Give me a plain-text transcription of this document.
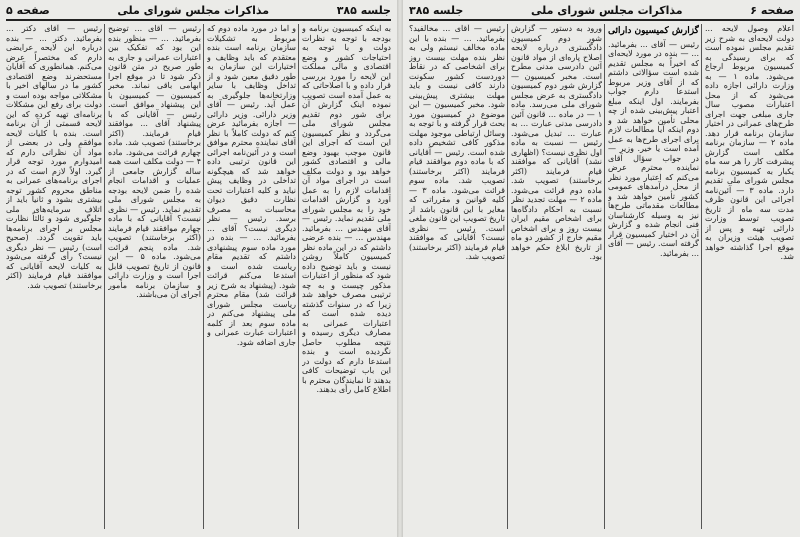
جلسه ۳۸۵
مذاکرات مجلس شورای ملی
صفحه ۵

به اینکه کمیسیون برنامه و بودجه با توجه به نظرات دولت و با توجه به احتیاجات کشور و وضع اقتصادی و مالی مملکت این لایحه را مورد بررسی قرار داده و با اصلاحاتی که به عمل آمده است تصویب نموده اینک گزارش آن برای شور دوم تقدیم مجلس شورای ملی می‌گردد و نظر کمیسیون این است که اجرای این قانون موجب بهبود وضع مالی و اقتصادی کشور خواهد بود و دولت مکلف است در اجرای مواد آن اقدامات لازم را به عمل آورد و گزارش اقدامات خود را به مجلس شورای ملی تقدیم نماید. رئیس — آقای مهندس ... بفرمائید. مهندس ... — بنده عرضی داشتم که در این ماده نظر کمیسیون کاملاً روشن نیست و باید توضیح داده شود که منظور از اعتبارات مذکور چیست و به چه ترتیبی مصرف خواهد شد زیرا که در سنوات گذشته دیده شده است که اعتبارات عمرانی به مصارف دیگری رسیده و نتیجه مطلوب حاصل نگردیده است و بنده استدعا دارم که دولت در این باب توضیحات کافی بدهند تا نمایندگان محترم با اطلاع کامل رأی بدهند.

و اما در مورد ماده دوم که مربوط به تشکیلات سازمان برنامه است بنده معتقدم که باید وظایف و اختیارات این سازمان به طور دقیق معین شود و از تداخل وظایف با سایر وزارتخانه‌ها جلوگیری به عمل آید. رئیس — آقای وزیر دارائی. وزیر دارائی — اجازه بفرمائید عرض کنم که دولت کاملاً با نظر آقای نماینده محترم موافق است و در آئین‌نامه اجرائی این قانون ترتیبی داده خواهد شد که هیچگونه تداخلی در وظایف پیش نیاید و کلیه اعتبارات تحت نظارت دقیق دیوان محاسبات به مصرف برسد. رئیس — نظر دیگری نیست؟ آقای ... بفرمائید. ... — بنده در مورد ماده سوم پیشنهادی داشتم که تقدیم مقام ریاست شده است و استدعا می‌کنم قرائت شود. (پیشنهاد به شرح زیر قرائت شد) مقام محترم ریاست مجلس شورای ملی پیشنهاد می‌کنم در ماده سوم بعد از کلمه اعتبارات عبارت عمرانی و جاری اضافه شود.

رئیس — آقای ... توضیح بفرمائید. ... — منظور بنده این بود که تفکیک بین اعتبارات عمرانی و جاری به طور صریح در متن قانون ذکر شود تا در موقع اجرا ابهامی باقی نماند. مخبر کمیسیون — کمیسیون با این پیشنهاد موافق است. رئیس — آقایانی که با پیشنهاد آقای ... موافقند قیام فرمایند. (اکثر برخاستند) تصویب شد. ماده چهارم قرائت می‌شود. ماده ۴ — دولت مکلف است همه ساله گزارش جامعی از عملیات و اقدامات انجام شده را ضمن لایحه بودجه به مجلس شورای ملی تقدیم نماید. رئیس — نظری نیست؟ آقایانی که با ماده چهارم موافقند قیام فرمایند (اکثر برخاستند) تصویب شد. ماده پنجم قرائت می‌شود. ماده ۵ — این قانون از تاریخ تصویب قابل اجرا است و وزارت دارائی و سازمان برنامه مأمور اجرای آن می‌باشند.

رئیس — آقای دکتر ... بفرمائید. دکتر ... — بنده درباره این لایحه عرایضی دارم که مختصراً عرض می‌کنم. همانطوری که آقایان مستحضرند وضع اقتصادی کشور ما در سالهای اخیر با مشکلاتی مواجه بوده است و دولت برای رفع این مشکلات برنامه‌ای تهیه کرده که این لایحه قسمتی از آن برنامه است. بنده با کلیات لایحه موافقم ولی در بعضی از مواد آن نظراتی دارم که امیدوارم مورد توجه قرار گیرد. اولاً لازم است که در اجرای برنامه‌های عمرانی به مناطق محروم کشور توجه بیشتری بشود و ثانیاً باید از اتلاف سرمایه‌های ملی جلوگیری شود و ثالثاً نظارت مجلس بر اجرای برنامه‌ها باید تقویت گردد. (صحیح است) رئیس — نظر دیگری نیست؟ رأی گرفته می‌شود به کلیات لایحه آقایانی که موافقند قیام فرمایند (اکثر برخاستند) تصویب شد.

صفحه ۶
مذاکرات مجلس شورای ملی
جلسه ۳۸۵

اعلام وصول لایحه ... دولت لایحه‌ای به شرح زیر تقدیم مجلس نموده است که برای رسیدگی به کمیسیون مربوط ارجاع می‌شود. ماده ۱ — به وزارت دارائی اجازه داده می‌شود که از محل اعتبارات مصوب سال جاری مبلغی جهت اجرای طرح‌های عمرانی در اختیار سازمان برنامه قرار دهد. ماده ۲ — سازمان برنامه مکلف است گزارش پیشرفت کار را هر سه ماه یکبار به کمیسیون برنامه مجلس شورای ملی تقدیم دارد. ماده ۳ — آئین‌نامه اجرائی این قانون ظرف مدت سه ماه از تاریخ تصویب توسط وزارت دارائی تهیه و پس از تصویب هیئت وزیران به موقع اجرا گذاشته خواهد شد.

گزارش کمیسیون دارائی

رئیس — آقای ... بفرمائید. ... — بنده در مورد لایحه‌ای که اخیراً به مجلس تقدیم شده است سؤالاتی داشتم که از آقای وزیر مربوط استدعا دارم جواب بفرمایند. اول اینکه مبلغ اعتبار پیش‌بینی شده از چه محلی تأمین خواهد شد و دوم اینکه آیا مطالعات لازم برای اجرای طرح‌ها به عمل آمده است یا خیر. وزیر — در جواب سؤال آقای نماینده محترم عرض می‌کنم که اعتبار مورد نظر از محل درآمدهای عمومی کشور تأمین خواهد شد و مطالعات مقدماتی طرح‌ها نیز به وسیله کارشناسان فنی انجام شده و گزارش آن در اختیار کمیسیون قرار گرفته است. رئیس — آقای ... بفرمائید.

ورود به دستور — گزارش شور دوم کمیسیون دادگستری درباره لایحه اصلاح پاره‌ای از مواد قانون آئین دادرسی مدنی مطرح است. مخبر کمیسیون — گزارش شور دوم کمیسیون دادگستری به عرض مجلس شورای ملی می‌رسد. ماده ۱ — در ماده ... قانون آئین دادرسی مدنی عبارت ... به عبارت ... تبدیل می‌شود. رئیس — نسبت به ماده اول نظری نیست؟ (اظهاری نشد) آقایانی که موافقند قیام فرمایند (اکثر برخاستند) تصویب شد. ماده دوم قرائت می‌شود. ماده ۲ — مهلت تجدید نظر نسبت به احکام دادگاه‌ها برای اشخاص مقیم ایران بیست روز و برای اشخاص مقیم خارج از کشور دو ماه از تاریخ ابلاغ حکم خواهد بود.

رئیس — آقای ... مخالفید؟ بفرمائید. ... — بنده با این ماده مخالف نیستم ولی به نظر بنده مهلت بیست روز برای اشخاصی که در نقاط دوردست کشور سکونت دارند کافی نیست و باید مهلت بیشتری پیش‌بینی شود. مخبر کمیسیون — این موضوع در کمیسیون مورد بحث قرار گرفته و با توجه به وسائل ارتباطی موجود مهلت مذکور کافی تشخیص داده شده است. رئیس — آقایانی که با ماده دوم موافقند قیام فرمایند (اکثر برخاستند) تصویب شد. ماده سوم قرائت می‌شود. ماده ۳ — کلیه قوانین و مقرراتی که مغایر با این قانون باشد از تاریخ تصویب این قانون ملغی است. رئیس — نظری نیست؟ آقایانی که موافقند قیام فرمایند (اکثر برخاستند) تصویب شد.
